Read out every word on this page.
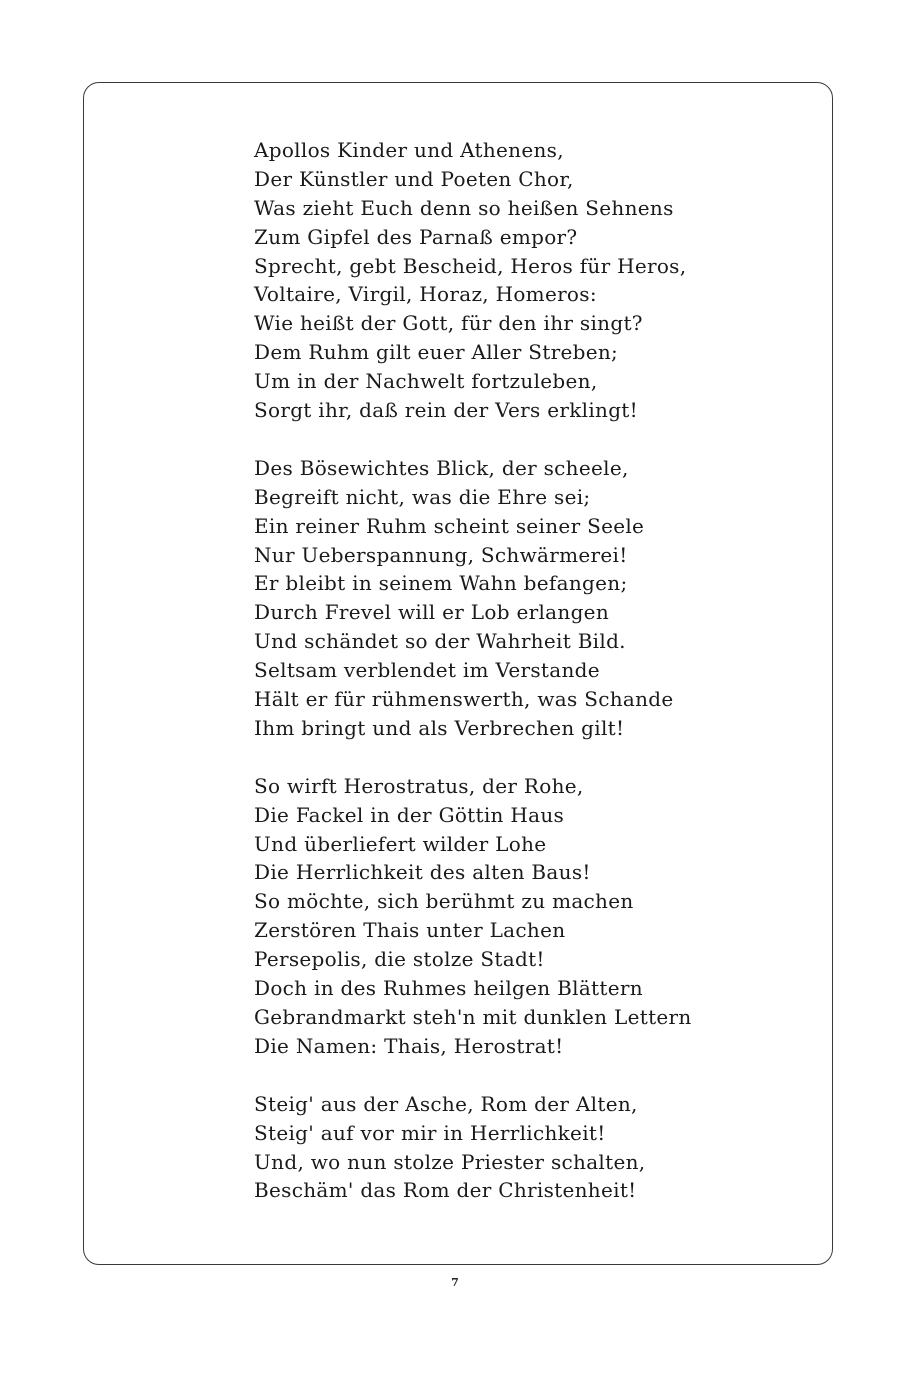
Apollos Kinder und Athenens,
Der Künstler und Poeten Chor,
Was zieht Euch denn so heißen Sehnens
Zum Gipfel des Parnaß empor?
Sprecht, gebt Bescheid, Heros für Heros,
Voltaire, Virgil, Horaz, Homeros:
Wie heißt der Gott, für den ihr singt?
Dem Ruhm gilt euer Aller Streben;
Um in der Nachwelt fortzuleben,
Sorgt ihr, daß rein der Vers erklingt!
Des Bösewichtes Blick, der scheele,
Begreift nicht, was die Ehre sei;
Ein reiner Ruhm scheint seiner Seele
Nur Ueberspannung, Schwärmerei!
Er bleibt in seinem Wahn befangen;
Durch Frevel will er Lob erlangen
Und schändet so der Wahrheit Bild.
Seltsam verblendet im Verstande
Hält er für rühmenswerth, was Schande
Ihm bringt und als Verbrechen gilt!
So wirft Herostratus, der Rohe,
Die Fackel in der Göttin Haus
Und überliefert wilder Lohe
Die Herrlichkeit des alten Baus!
So möchte, sich berühmt zu machen
Zerstören Thais unter Lachen
Persepolis, die stolze Stadt!
Doch in des Ruhmes heilgen Blättern
Gebrandmarkt steh'n mit dunklen Lettern
Die Namen: Thais, Herostrat!
Steig' aus der Asche, Rom der Alten,
Steig' auf vor mir in Herrlichkeit!
Und, wo nun stolze Priester schalten,
Beschäm' das Rom der Christenheit!
7
